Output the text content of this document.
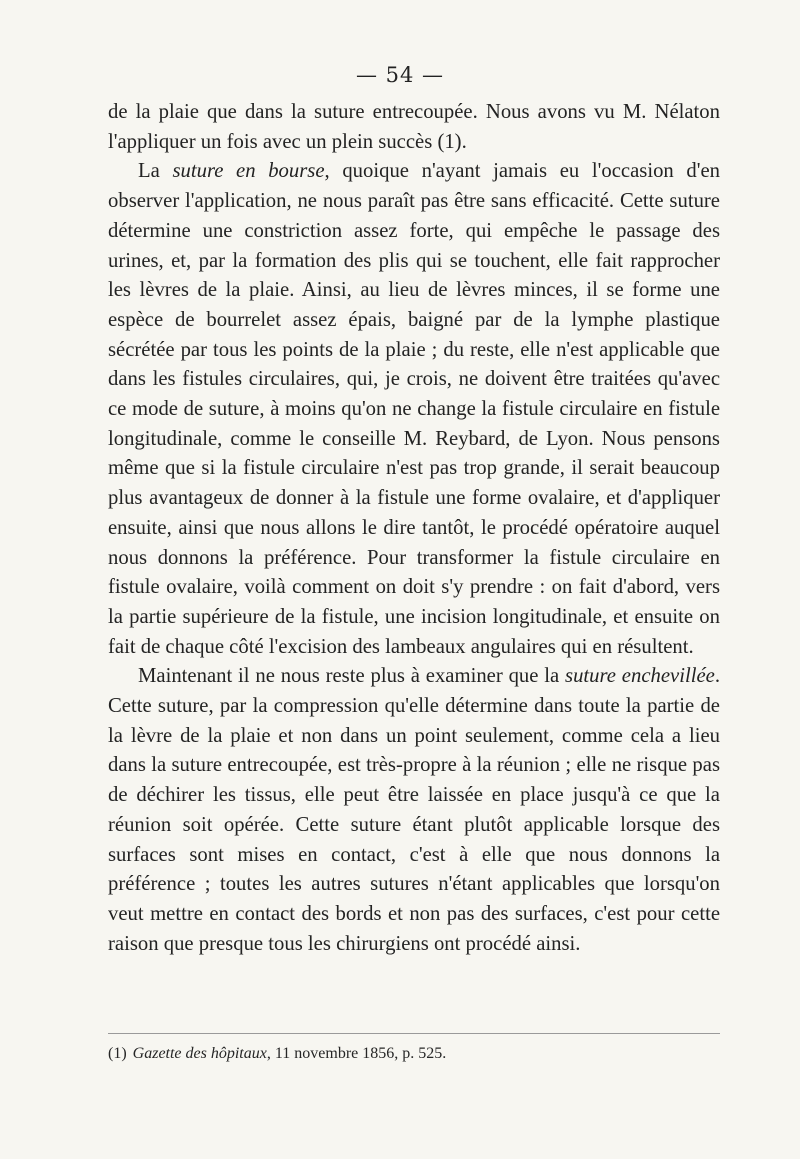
— 54 —

de la plaie que dans la suture entrecoupée. Nous avons vu M. Nélaton l'appliquer un fois avec un plein succès (1).

La suture en bourse, quoique n'ayant jamais eu l'occasion d'en observer l'application, ne nous paraît pas être sans efficacité. Cette suture détermine une constriction assez forte, qui empêche le passage des urines, et, par la formation des plis qui se touchent, elle fait rapprocher les lèvres de la plaie. Ainsi, au lieu de lèvres minces, il se forme une espèce de bourrelet assez épais, baigné par de la lymphe plastique sécrétée par tous les points de la plaie ; du reste, elle n'est applicable que dans les fistules circulaires, qui, je crois, ne doivent être traitées qu'avec ce mode de suture, à moins qu'on ne change la fistule circulaire en fistule longitudinale, comme le conseille M. Reybard, de Lyon. Nous pensons même que si la fistule circulaire n'est pas trop grande, il serait beaucoup plus avantageux de donner à la fistule une forme ovalaire, et d'appliquer ensuite, ainsi que nous allons le dire tantôt, le procédé opératoire auquel nous donnons la préférence. Pour transformer la fistule circulaire en fistule ovalaire, voilà comment on doit s'y prendre : on fait d'abord, vers la partie supérieure de la fistule, une incision longitudinale, et ensuite on fait de chaque côté l'excision des lambeaux angulaires qui en résultent.

Maintenant il ne nous reste plus à examiner que la suture enchevillée. Cette suture, par la compression qu'elle détermine dans toute la partie de la lèvre de la plaie et non dans un point seulement, comme cela a lieu dans la suture entrecoupée, est très-propre à la réunion ; elle ne risque pas de déchirer les tissus, elle peut être laissée en place jusqu'à ce que la réunion soit opérée. Cette suture étant plutôt applicable lorsque des surfaces sont mises en contact, c'est à elle que nous donnons la préférence ; toutes les autres sutures n'étant applicables que lorsqu'on veut mettre en contact des bords et non pas des surfaces, c'est pour cette raison que presque tous les chirurgiens ont procédé ainsi.

(1) Gazette des hôpitaux, 11 novembre 1856, p. 525.
